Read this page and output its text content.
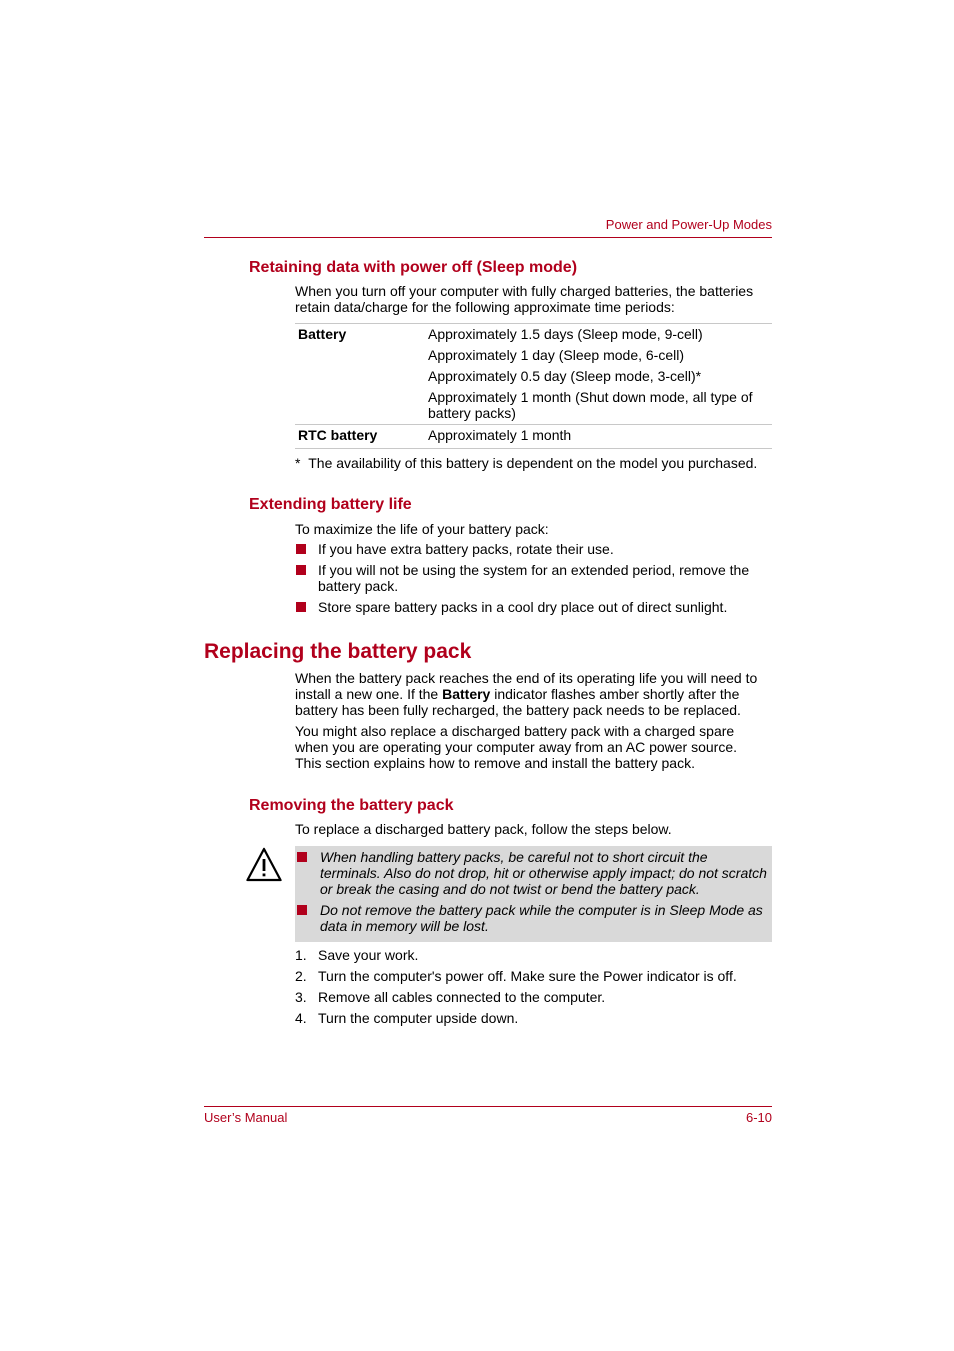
Power and Power-Up Modes
Retaining data with power off (Sleep mode)
When you turn off your computer with fully charged batteries, the batteries retain data/charge for the following approximate time periods:
Battery	Approximately 1.5 days (Sleep mode, 9-cell)
Approximately 1 day (Sleep mode, 6-cell)
Approximately 0.5 day (Sleep mode, 3-cell)*
Approximately 1 month (Shut down mode, all type of battery packs)

RTC battery	Approximately 1 month
* The availability of this battery is dependent on the model you purchased.
Extending battery life
To maximize the life of your battery pack:
If you have extra battery packs, rotate their use.
If you will not be using the system for an extended period, remove the battery pack.
Store spare battery packs in a cool dry place out of direct sunlight.
Replacing the battery pack
When the battery pack reaches the end of its operating life you will need to install a new one. If the Battery indicator flashes amber shortly after the battery has been fully recharged, the battery pack needs to be replaced.
You might also replace a discharged battery pack with a charged spare when you are operating your computer away from an AC power source. This section explains how to remove and install the battery pack.
Removing the battery pack
To replace a discharged battery pack, follow the steps below.
When handling battery packs, be careful not to short circuit the terminals. Also do not drop, hit or otherwise apply impact; do not scratch or break the casing and do not twist or bend the battery pack.
Do not remove the battery pack while the computer is in Sleep Mode as data in memory will be lost.
1. Save your work.
2. Turn the computer's power off. Make sure the Power indicator is off.
3. Remove all cables connected to the computer.
4. Turn the computer upside down.
User’s Manual	6-10
